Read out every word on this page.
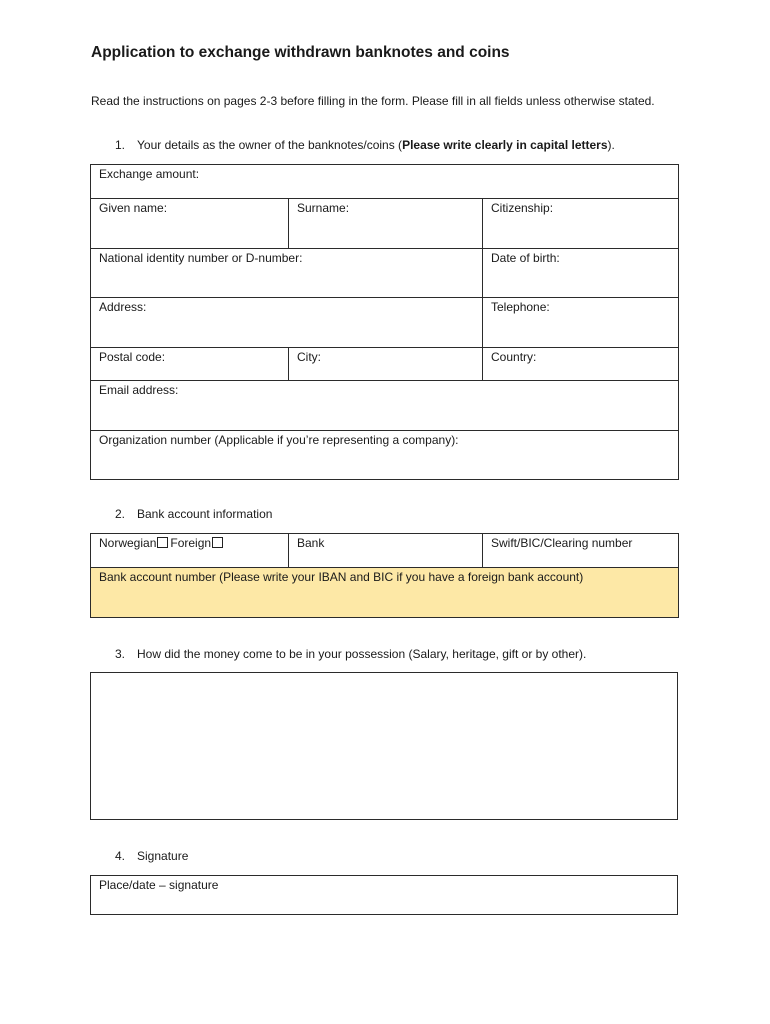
Application to exchange withdrawn banknotes and coins
Read the instructions on pages 2-3 before filling in the form. Please fill in all fields unless otherwise stated.
1. Your details as the owner of the banknotes/coins (Please write clearly in capital letters).
Exchange amount:		
Given name:	Surname:	Citizenship:
National identity number or D-number:		Date of birth:
Address:		Telephone:
Postal code:	City:	Country:
Email address:		
Organization number (Applicable if you’re representing a company):		
2. Bank account information
Norwegian Foreign	Bank	Swift/BIC/Clearing number
Bank account number (Please write your IBAN and BIC if you have a foreign bank account)
3. How did the money come to be in your possession (Salary, heritage, gift or by other).
4. Signature
Place/date – signature
